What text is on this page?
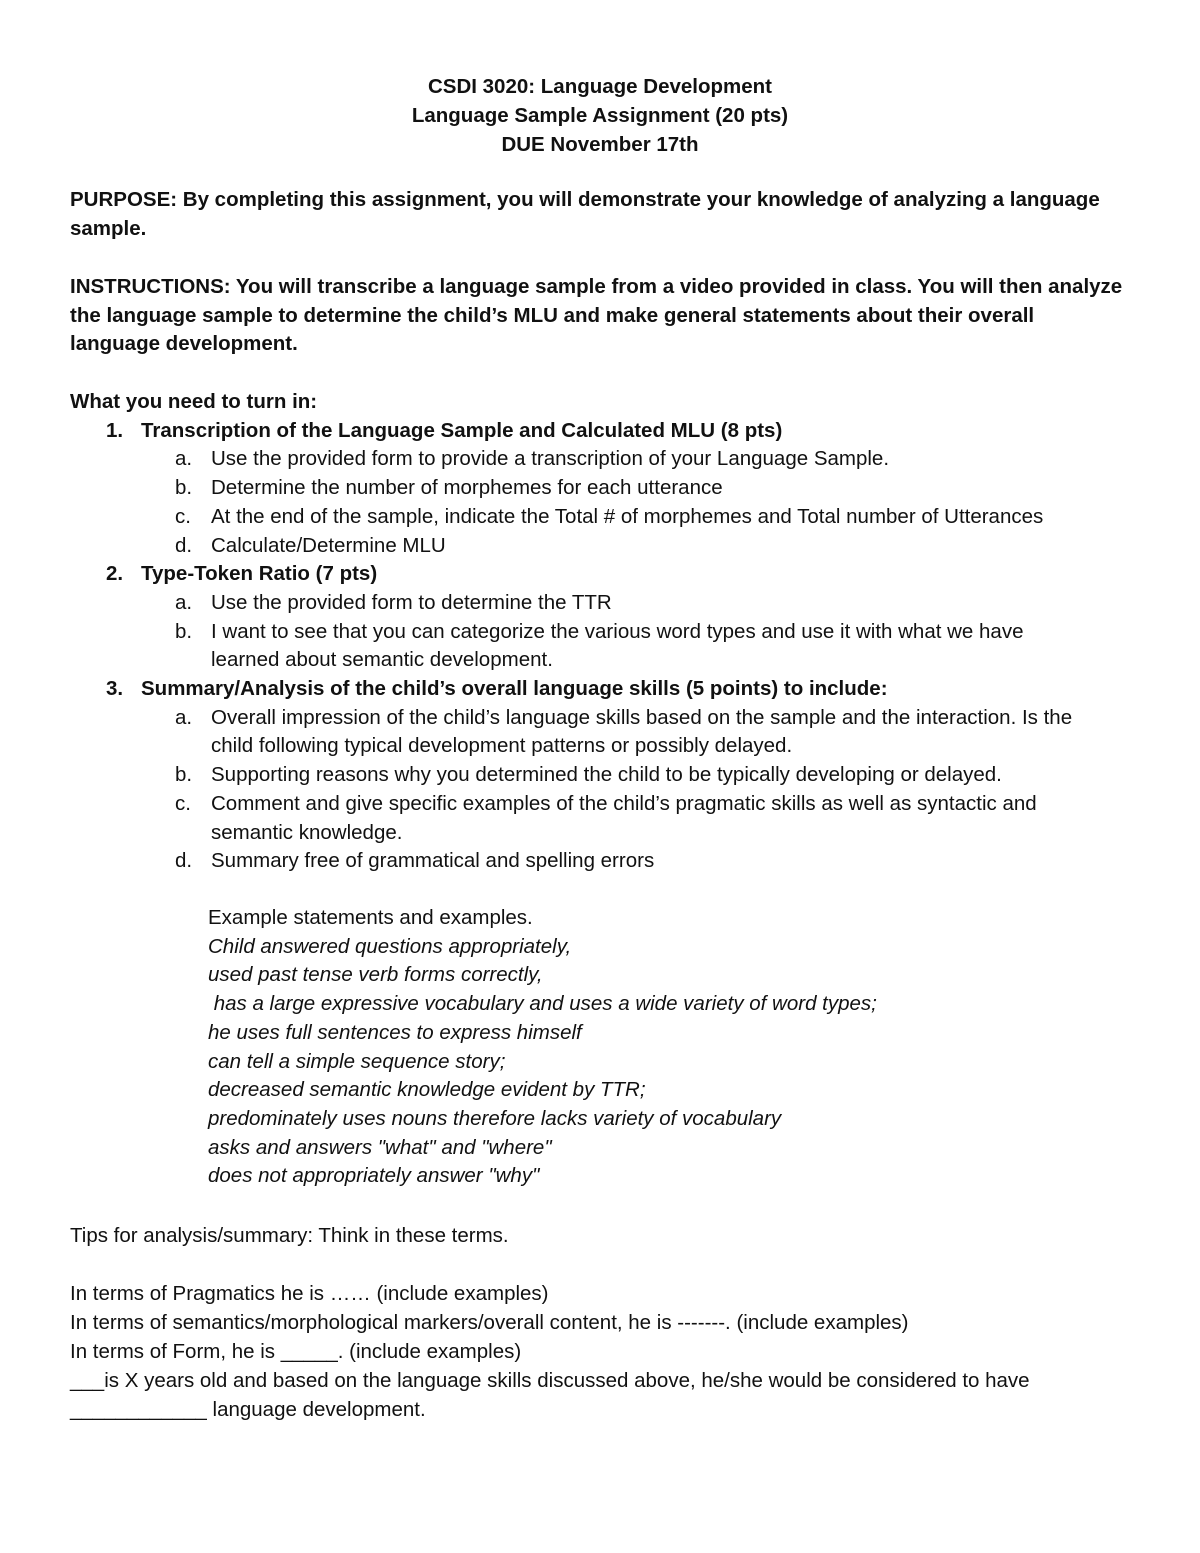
CSDI 3020: Language Development
Language Sample Assignment (20 pts)
DUE November 17th
PURPOSE: By completing this assignment, you will demonstrate your knowledge of analyzing a language
sample.
INSTRUCTIONS: You will transcribe a language sample from a video provided in class. You will then analyze
the language sample to determine the child’s MLU and make general statements about their overall
language development.
What you need to turn in:
1. Transcription of the Language Sample and Calculated MLU (8 pts)
a. Use the provided form to provide a transcription of your Language Sample.
b. Determine the number of morphemes for each utterance
c. At the end of the sample, indicate the Total # of morphemes and Total number of Utterances
d. Calculate/Determine MLU
2. Type-Token Ratio (7 pts)
a. Use the provided form to determine the TTR
b. I want to see that you can categorize the various word types and use it with what we have
learned about semantic development.
3. Summary/Analysis of the child’s overall language skills (5 points) to include:
a. Overall impression of the child’s language skills based on the sample and the interaction. Is the
child following typical development patterns or possibly delayed.
b. Supporting reasons why you determined the child to be typically developing or delayed.
c. Comment and give specific examples of the child’s pragmatic skills as well as syntactic and
semantic knowledge.
d. Summary free of grammatical and spelling errors
Example statements and examples.
Child answered questions appropriately,
used past tense verb forms correctly,
has a large expressive vocabulary and uses a wide variety of word types;
he uses full sentences to express himself
can tell a simple sequence story;
decreased semantic knowledge evident by TTR;
predominately uses nouns therefore lacks variety of vocabulary
asks and answers "what" and "where"
does not appropriately answer "why"
Tips for analysis/summary: Think in these terms.
In terms of Pragmatics he is …… (include examples)
In terms of semantics/morphological markers/overall content, he is -------. (include examples)
In terms of Form, he is _____. (include examples)
___is X years old and based on the language skills discussed above, he/she would be considered to have
____________ language development.
